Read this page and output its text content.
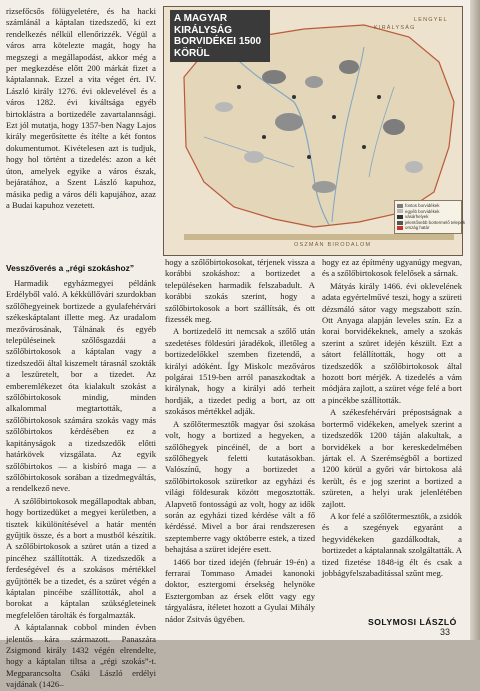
rizsefőcsős fölügyeletére, és ha hacki számlánál a káptalan tizedszedő, ki ezt rendelkezés nélkül ellenőrizzék. Végül a város arra kötelezte magát, hogy ha megszegi a megállapodást, akkor még a per megkezdése előtt 200 márkát fizet a káptalannak. Ezzel a vita véget ért. IV. László király 1276. évi oklevelével és a város 1282. évi kiváltsága egyéb birtoklástra a bortizedéle zavartalannsági. Ezt jól mutatja, hogy 1357-ben Nagy Lajos király megerősítette és ítélte a két fontos dokumentumot. Kivételesen azt is tudjuk, hogy hol történt a tizedelés: azon a két úton, amelyek egyike a város észak, bejáratához, a Szent László kapuhoz, másika pedig a város déli kapujához, azaz a Budai kapuhoz vezetett.

A MAGYAR KIRÁLYSÁG BORVIDÉKEI 1500 KÖRÜL
LENGYEL
KIRÁLYSÁG
OSZMÁN BIRODALOM
fontos borvidékek
egyéb borvidékek
vásárhelyek
jelentősebb bortermelő telepek
ország határ
Vesszőverés a „régi szokáshoz”

Harmadik egyházmegyei példánk Erdélyből való. A kékküllővári szurdokban szőlőhegyeinek bortizede a gyulafehérvári székeskáptalant illette meg. Az uradalom mezővárosának, Tálnának és egyéb településeinek szőlősgazdái a szőlőbirtokosok a káptalan vagy a tizedszedői által kiszemelt tárasnál szokták a leszüretelt, bor a tizedet. Az emberemlékezet óta kialakult szokást a szőlőbirtokosok mindig, minden alkalommal megtartották, a szőlőbirtokosok számára szokás vagy más szőlőbirtokos kérdésében ez a kapitányságok a tizedszedők előtti határkövek vizsgálata. Az egyik szőlőbirtokos — a kisbíró maga — a szőlőbirtokosok sorában a tizedmegváltás, a rendelkező neve.

A szőlőbirtokosok megállapodtak abban, hogy bortizedüket a megyei kerületben, a tisztek kikülönítésével a határ mentén gyűjtik össze, és a bort a mustból készítik. A szőlőbirtokosok a szüret után a tized a pincéhez szállították. A tizedszedők a ferdeségével és a szokásos mértékkel gyűjtötték be a tizedet, és a szüret végén a káptalan pincéibe szállították, ahol a borokat a káptalan szükségleteinek megfelelően tárolták és forgalmazták.

A káptalannak cobbol minden évben jelentős kára származott. Panaszára Zsigmond király 1432 végén elrendelte, hogy a káptalan tiltsa a „régi szokás”-t. Megparancsolta Csáki László erdélyi vajdának (1426–

hogy a szőlőbirtokosokat, térjenek vissza a korábbi szokáshoz: a bortizedet a településeken harmadik felszabadult. A korábbi szokás szerint, hogy a szőlőbirtokosok a bort szállítsák, és ott fizessék meg.

A bortizedelő itt nemcsak a szőlő után szedetéses földesúri járadékok, illetőleg a bortizedelőkkel szemben fizetendő, a királyi adóként. Így Miskolc mezőváros polgárai 1519-ben arról panaszkodtak a királynak, hogy a királyi adó terheit hordják, a tizedet pedig a bort, az ott szokásos mértékkel adják.

A szőlőtermesztők magyar ősi szokása volt, hogy a bortized a hegyeken, a szőlőhegyek pincéinél, de a bort a szőlőhegyek feletti kutatásokban. Valószínű, hogy a bortizedet a szőlőbirtokosok szüretkor az egyházi és világi földesurak között megosztották. Alapvető fontosságú az volt, hogy az idők során az egyházi tized kérdése vált a fő kérdéssé. Mivel a bor árai rendszeresen szeptemberre vagy októberre estek, a tized behajtása a szüret idejére esett.

1466 bor tized idején (február 19-én) a ferrarai Tommaso Amadei kanonoki doktor, esztergomi érsekség helynöke Esztergomban az érsek előtt vagy egy tárgyalásra, ítéletet hozott a Gyulai Mihály nádor Zsitvás ügyében.

hogy ez az építmény ugyanúgy megvan, és a szőlőbirtokosok felelősek a sárnak.

Mátyás király 1466. évi oklevelének adata egyértelművé teszi, hogy a szüreti dézsmáló sátor vagy megszabott szín. Ott Anyaga alapján leveles szín. Ez a korai borvidékeknek, amely a szokás szerint a szüret idején készült. Ezt a sátort felállították, hogy ott a tizedszedők a szőlőbirtokosok által hozott bort mérjék. A tizedelés a vám módjára zajlott, a szüret vége felé a bort a pincékbe szállították.

A székesfehérvári prépostságnak a bortermő vidékeken, amelyek szerint a tizedszedők 1200 táján alakultak, a borvidékek a bor kereskedelmében jártak el. A Szerémségből a bortized 1200 körül a győri vár birtokosa alá került, és e jog szerint a bortized a szüreten, a helyi urak jelenlétében zajlott.

A kor felé a szőlőtermesztők, a zsidók és a szegények egyaránt a hegyvidékeken gazdálkodtak, a bortizedet a káptalannak szolgáltatták. A tized fizetése 1848-ig élt és csak a jobbágyfelszabadítással szűnt meg.

SOLYMOSI LÁSZLÓ
33
